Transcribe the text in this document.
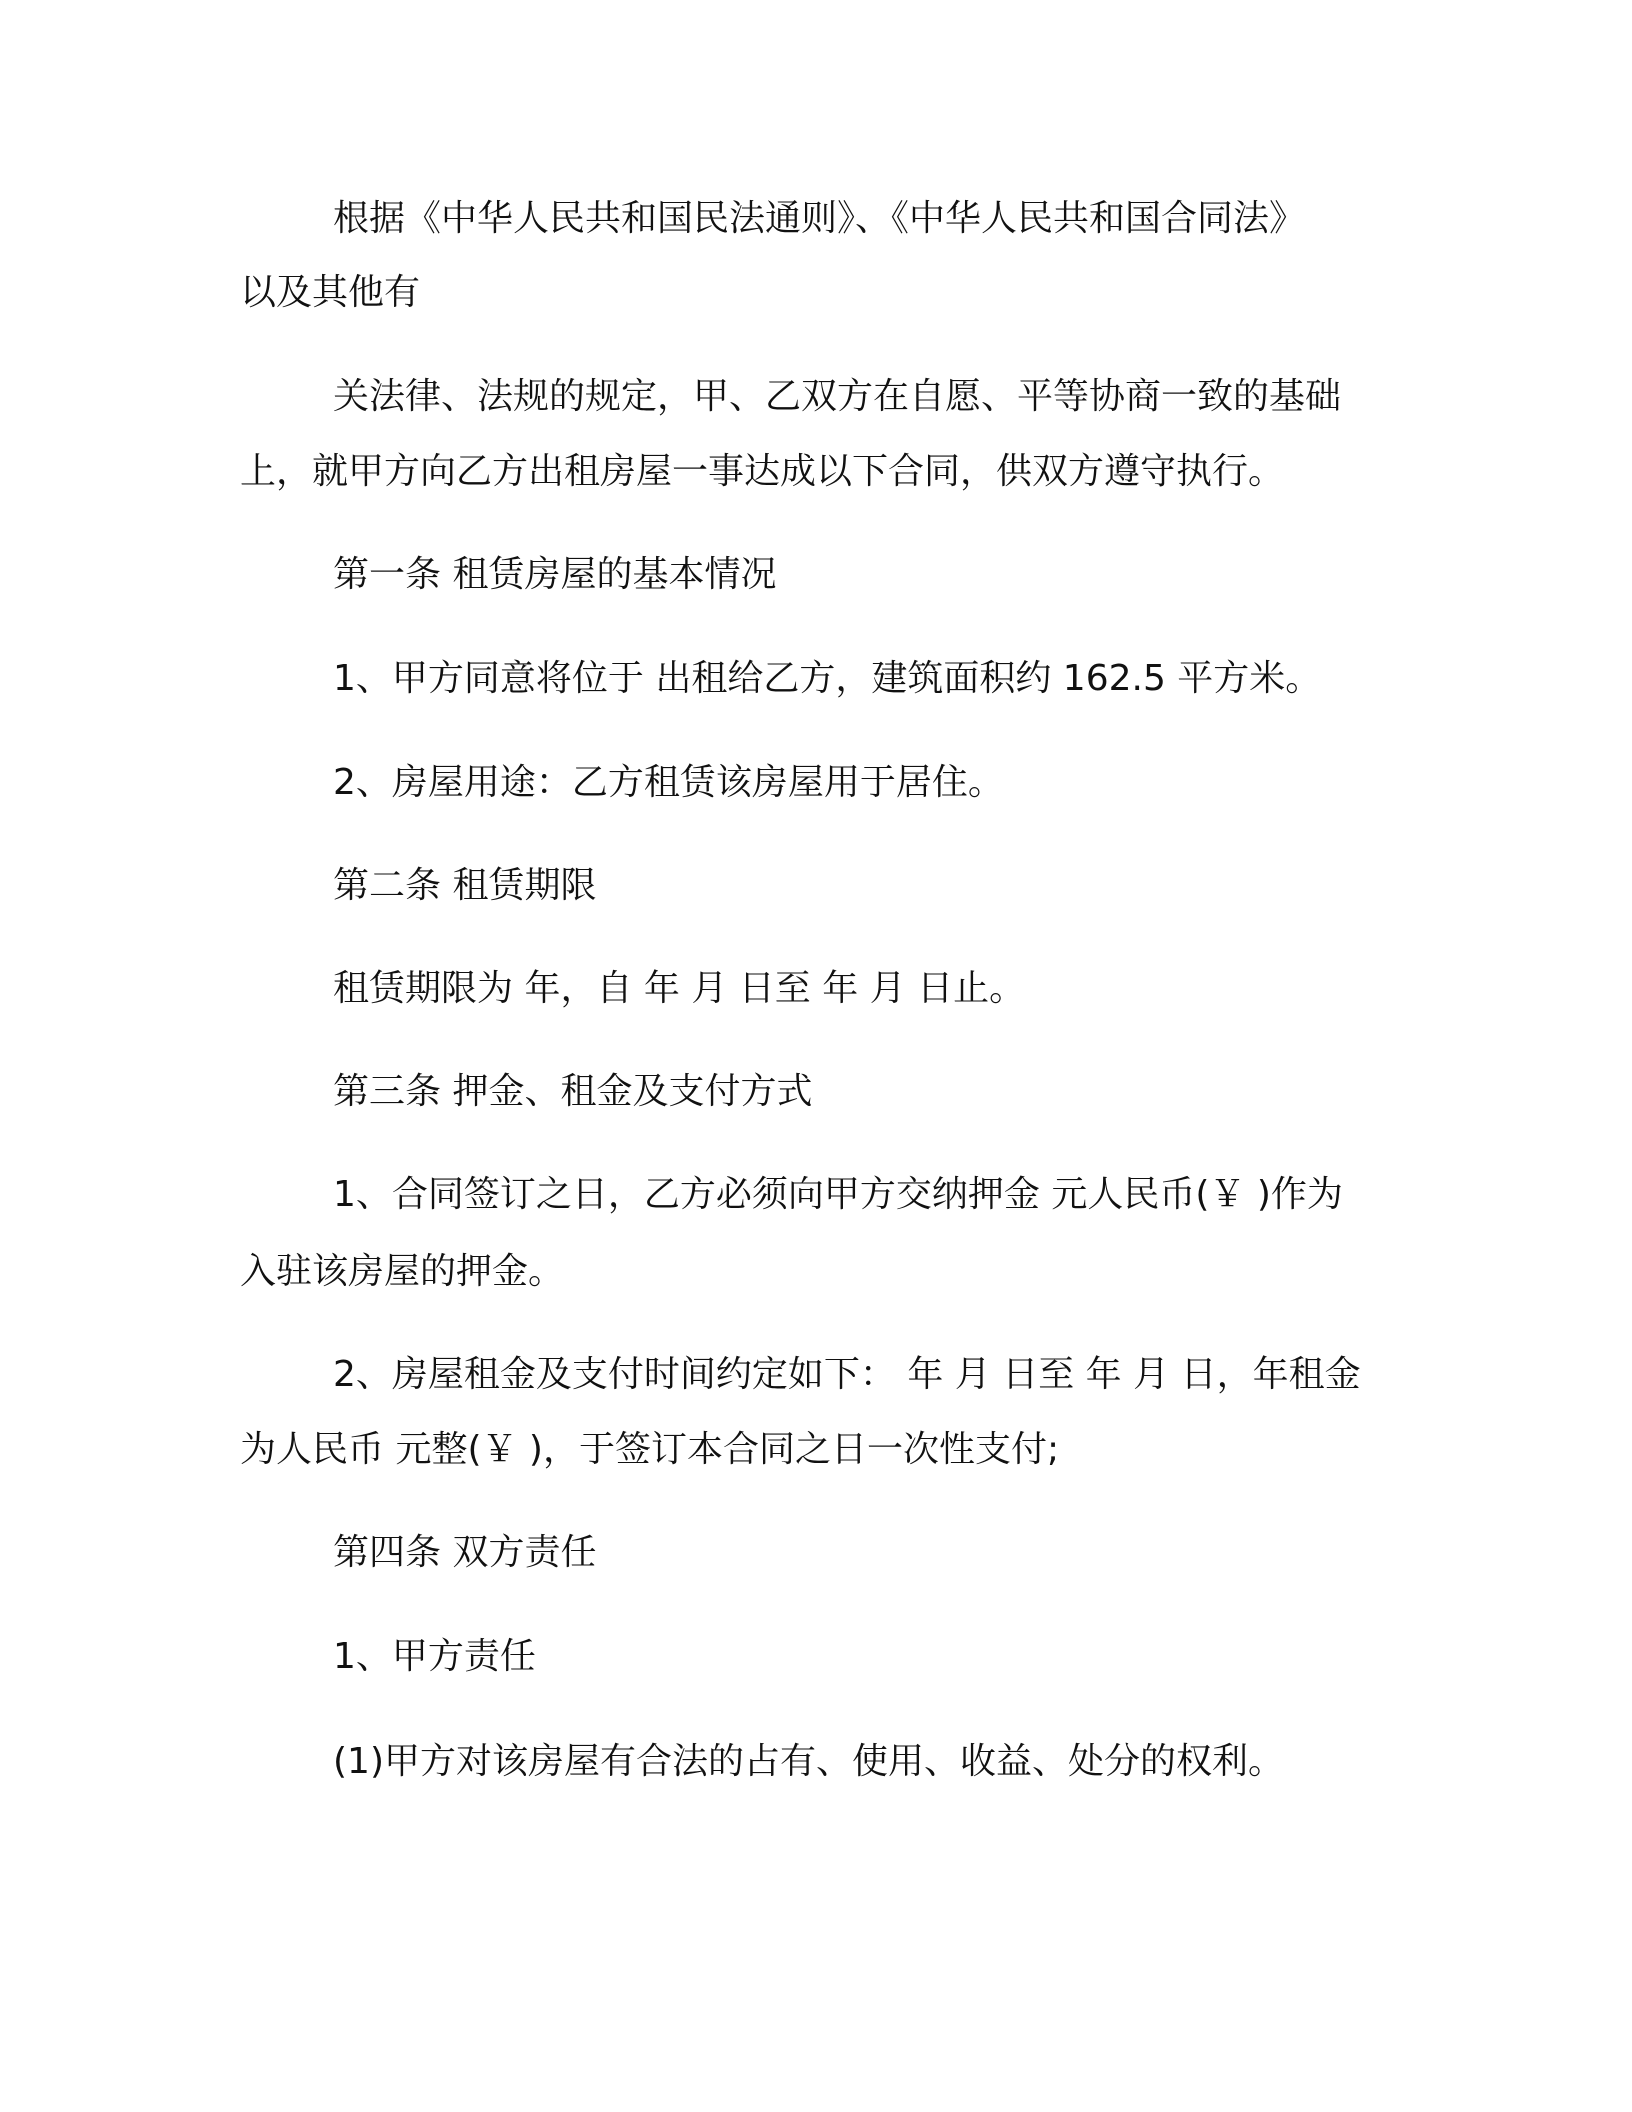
根据《中华人民共和国民法通则》、《中华人民共和国合同法》
以及其他有
关法律、法规的规定，甲、乙双方在自愿、平等协商一致的基础
上，就甲方向乙方出租房屋一事达成以下合同，供双方遵守执行。
第一条 租赁房屋的基本情况
1、甲方同意将位于 出租给乙方，建筑面积约 162.5 平方米。
2、房屋用途：乙方租赁该房屋用于居住。
第二条 租赁期限
租赁期限为 年，自 年 月 日至 年 月 日止。
第三条 押金、租金及支付方式
1、合同签订之日，乙方必须向甲方交纳押金 元人民币(￥ )作为
入驻该房屋的押金。
2、房屋租金及支付时间约定如下： 年 月 日至 年 月 日，年租金
为人民币 元整(￥ )，于签订本合同之日一次性支付;
第四条 双方责任
1、甲方责任
(1)甲方对该房屋有合法的占有、使用、收益、处分的权利。
